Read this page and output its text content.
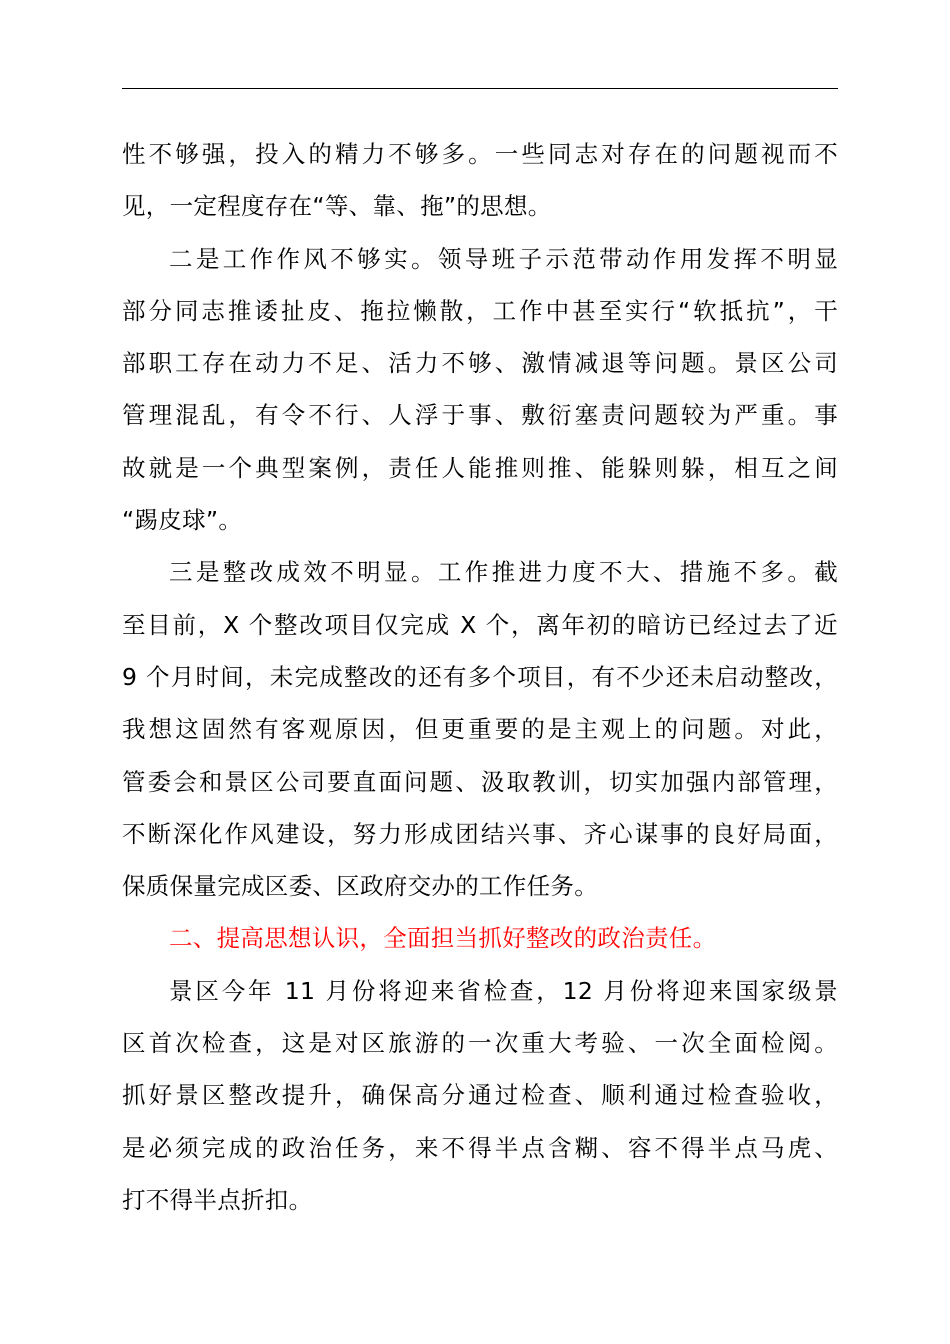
性不够强，投入的精力不够多。一些同志对存在的问题视而不
见，一定程度存在“等、靠、拖”的思想。
二是工作作风不够实。领导班子示范带动作用发挥不明显
部分同志推诿扯皮、拖拉懒散，工作中甚至实行“软抵抗”，干
部职工存在动力不足、活力不够、激情减退等问题。景区公司
管理混乱，有令不行、人浮于事、敷衍塞责问题较为严重。事
故就是一个典型案例，责任人能推则推、能躲则躲，相互之间
“踢皮球”。
三是整改成效不明显。工作推进力度不大、措施不多。截
至目前，X 个整改项目仅完成 X 个，离年初的暗访已经过去了近
9 个月时间，未完成整改的还有多个项目，有不少还未启动整改，
我想这固然有客观原因，但更重要的是主观上的问题。对此，
管委会和景区公司要直面问题、汲取教训，切实加强内部管理，
不断深化作风建设，努力形成团结兴事、齐心谋事的良好局面，
保质保量完成区委、区政府交办的工作任务。
二、提高思想认识，全面担当抓好整改的政治责任。
景区今年 11 月份将迎来省检查，12 月份将迎来国家级景
区首次检查，这是对区旅游的一次重大考验、一次全面检阅。
抓好景区整改提升，确保高分通过检查、顺利通过检查验收，
是必须完成的政治任务，来不得半点含糊、容不得半点马虎、
打不得半点折扣。
